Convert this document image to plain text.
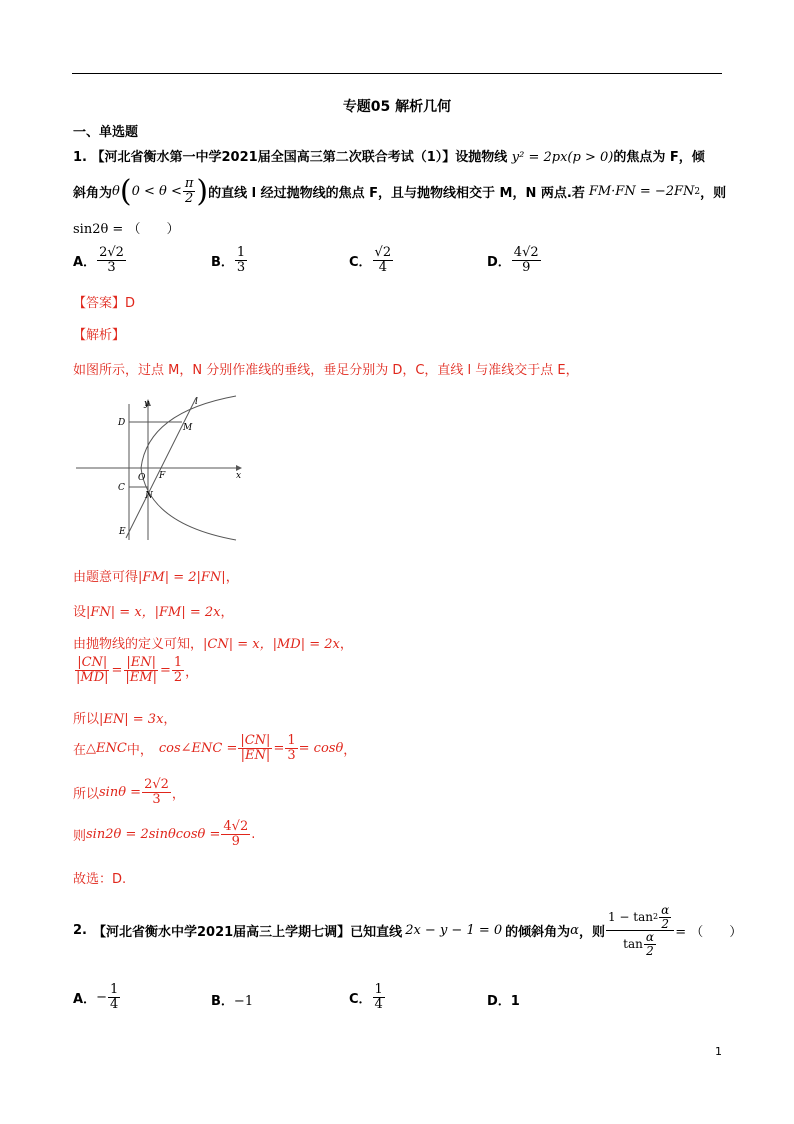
专题05 解析几何
一、单选题
1. 【河北省衡水第一中学2021届全国高三第二次联合考试（1）】设抛物线 y² = 2px(p > 0)的焦点为 F，倾
斜角为 θ ( $0 < \theta < \frac{\pi}{2}$ ) 的直线 l 经过抛物线的焦点 F，且与抛物线相交于 M，N 两点.若 FM·FN = −2FN 2 ，则
sin2θ = （　　）
A． $\frac{2√2}{3}$	B． $\frac{1}{3}$	C． $\frac{√2}{4}$	D． $\frac{4√2}{9}$
【答案】D
【解析】
如图所示，过点 M，N 分别作准线的垂线，垂足分别为 D，C，直线 l 与准线交于点 E，
y
x
O F
M
N
D
C
E
l
由题意可得|FM| = 2|FN|，
设|FN| = x，|FM| = 2x，
由抛物线的定义可知，|CN| = x，|MD| = 2x，
$\frac{|CN|}{|MD|} = \frac{|EN|}{|EM|} = \frac{1}{2}$ ，
所以|EN| = 3x，
在 △ENC 中， cos∠ENC = $\frac{|CN|}{|EN|} = \frac{1}{3} = \cos\theta$ ，
所以 $\sin\theta = \frac{2√2}{3}$ ，
则 $\sin 2\theta = 2\sin\theta\cos\theta = \frac{4√2}{9}$ .
故选：D.
2. 【河北省衡水中学2021届高三上学期七调】 已知直线 2x − y − 1 = 0 的倾斜角为 α ，则 $\frac{1 - \tan 2 \frac{\alpha}{2}}{\tan \frac{\alpha}{2}}$ = （　　）
A． − $\frac{1}{4}$	B．−1	C． $\frac{1}{4}$	D．1
1
